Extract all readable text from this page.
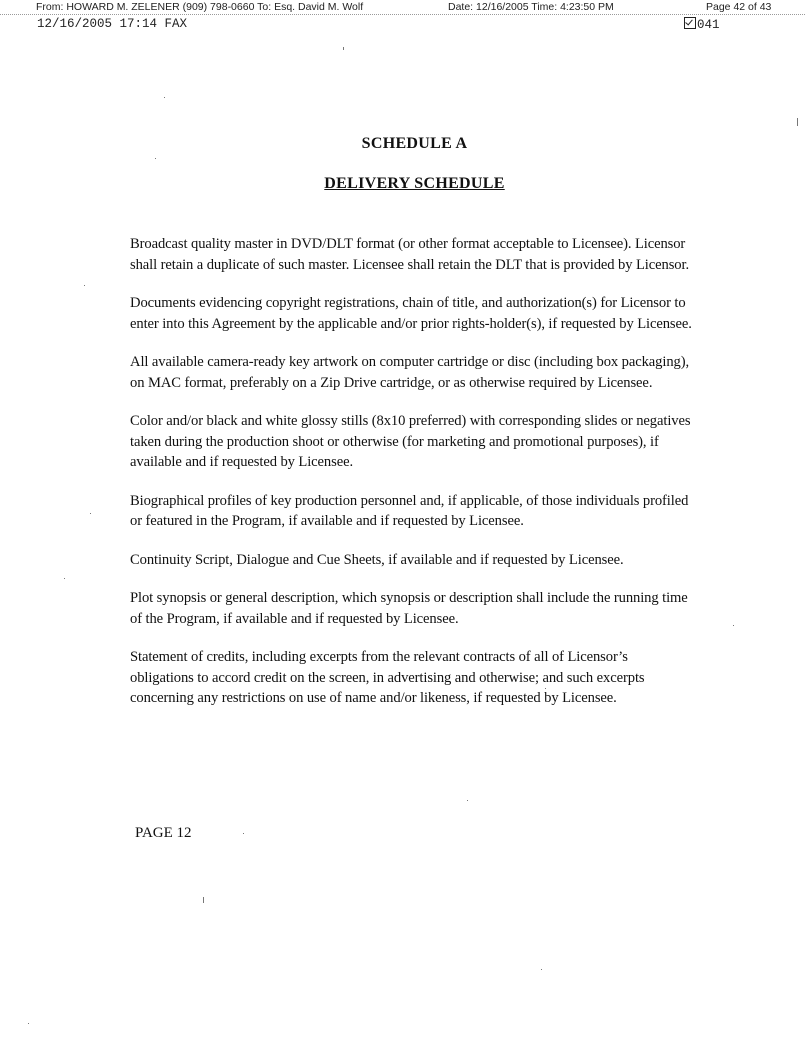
From: HOWARD M. ZELENER (909) 798-0660 To: Esq. David M. Wolf	Date: 12/16/2005 Time: 4:23:50 PM	Page 42 of 43
12/16/2005 17:14 FAX	041
SCHEDULE A
DELIVERY SCHEDULE

Broadcast quality master in DVD/DLT format (or other format acceptable to Licensee). Licensor shall retain a duplicate of such master. Licensee shall retain the DLT that is provided by Licensor.

Documents evidencing copyright registrations, chain of title, and authorization(s) for Licensor to enter into this Agreement by the applicable and/or prior rights-holder(s), if requested by Licensee.

All available camera-ready key artwork on computer cartridge or disc (including box packaging), on MAC format, preferably on a Zip Drive cartridge, or as otherwise required by Licensee.

Color and/or black and white glossy stills (8x10 preferred) with corresponding slides or negatives taken during the production shoot or otherwise (for marketing and promotional purposes), if available and if requested by Licensee.

Biographical profiles of key production personnel and, if applicable, of those individuals profiled or featured in the Program, if available and if requested by Licensee.

Continuity Script, Dialogue and Cue Sheets, if available and if requested by Licensee.

Plot synopsis or general description, which synopsis or description shall include the running time of the Program, if available and if requested by Licensee.

Statement of credits, including excerpts from the relevant contracts of all of Licensor’s obligations to accord credit on the screen, in advertising and otherwise; and such excerpts concerning any restrictions on use of name and/or likeness, if requested by Licensee.

PAGE 12
